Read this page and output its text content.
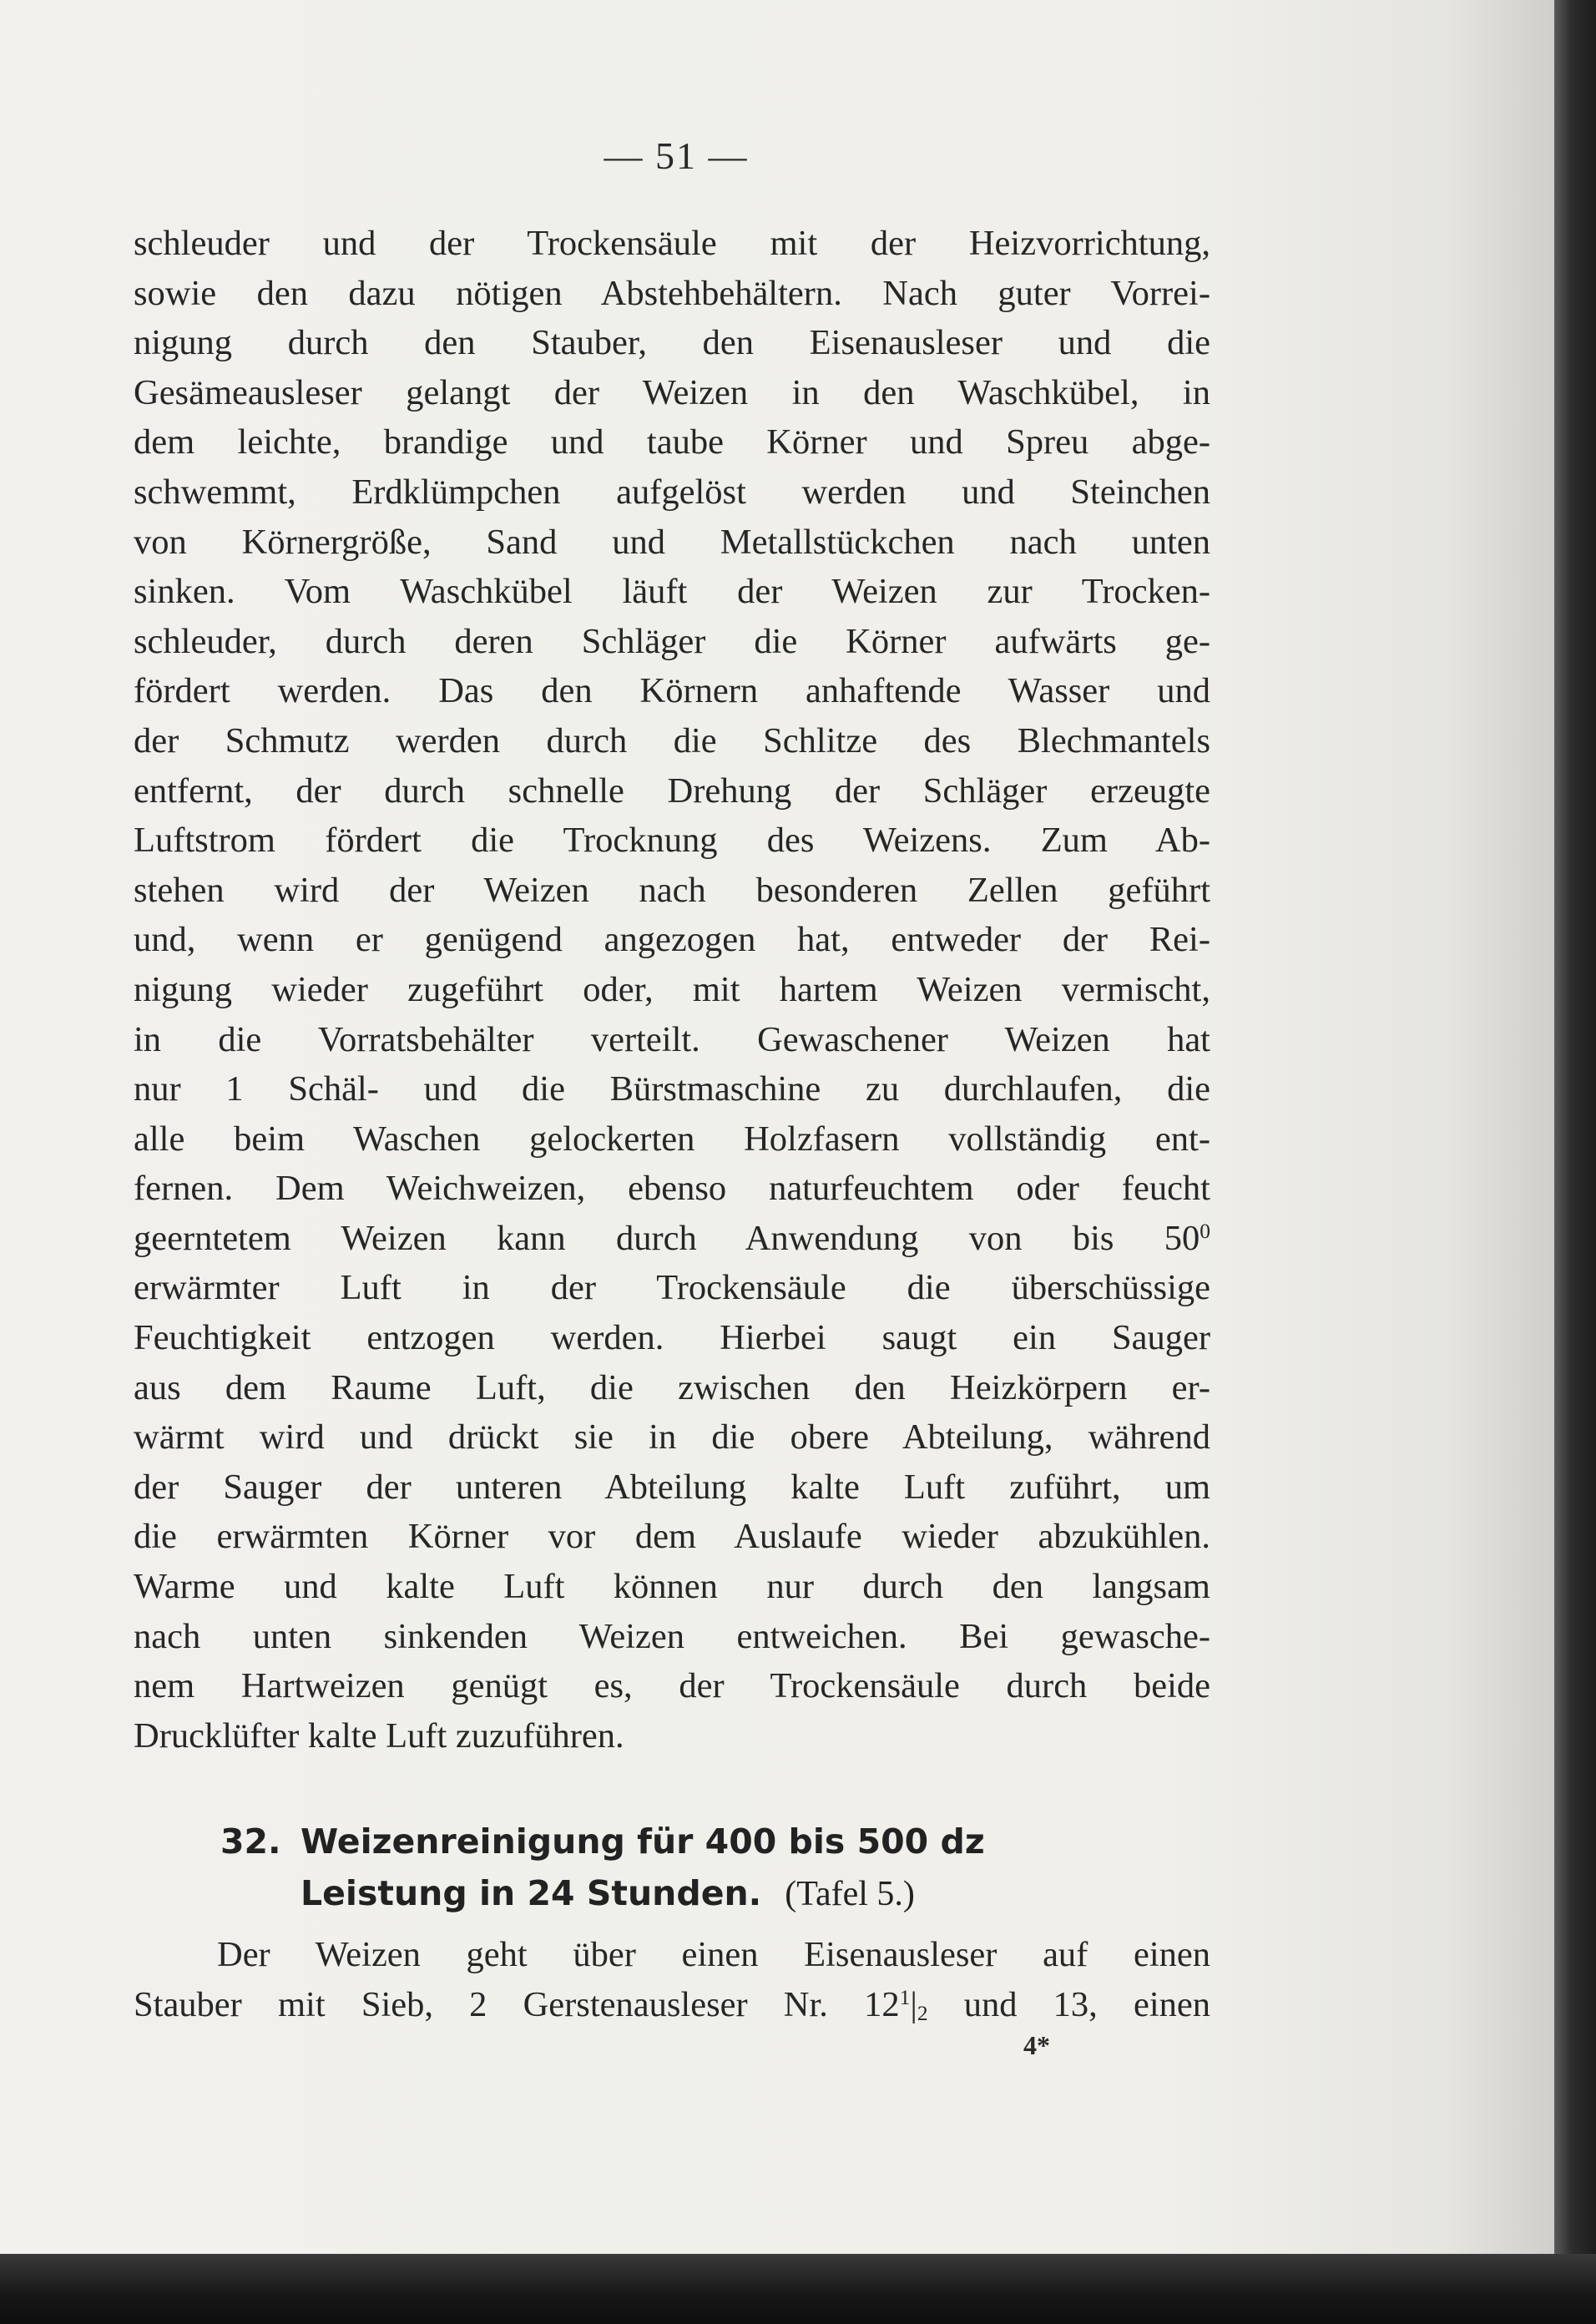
— 51 —

schleuder und der Trockensäule mit der Heizvorrichtung,

sowie den dazu nötigen Abstehbehältern. Nach guter Vorrei-

nigung durch den Stauber, den Eisenausleser und die

Gesämeausleser gelangt der Weizen in den Waschkübel, in

dem leichte, brandige und taube Körner und Spreu abge-

schwemmt, Erdklümpchen aufgelöst werden und Steinchen

von Körnergröße, Sand und Metallstückchen nach unten

sinken. Vom Waschkübel läuft der Weizen zur Trocken-

schleuder, durch deren Schläger die Körner aufwärts ge-

fördert werden. Das den Körnern anhaftende Wasser und

der Schmutz werden durch die Schlitze des Blechmantels

entfernt, der durch schnelle Drehung der Schläger erzeugte

Luftstrom fördert die Trocknung des Weizens. Zum Ab-

stehen wird der Weizen nach besonderen Zellen geführt

und, wenn er genügend angezogen hat, entweder der Rei-

nigung wieder zugeführt oder, mit hartem Weizen vermischt,

in die Vorratsbehälter verteilt. Gewaschener Weizen hat

nur 1 Schäl- und die Bürstmaschine zu durchlaufen, die

alle beim Waschen gelockerten Holzfasern vollständig ent-

fernen. Dem Weichweizen, ebenso naturfeuchtem oder feucht

geerntetem Weizen kann durch Anwendung von bis $50^0$

erwärmter Luft in der Trockensäule die überschüssige

Feuchtigkeit entzogen werden. Hierbei saugt ein Sauger

aus dem Raume Luft, die zwischen den Heizkörpern er-

wärmt wird und drückt sie in die obere Abteilung, während

der Sauger der unteren Abteilung kalte Luft zuführt, um

die erwärmten Körner vor dem Auslaufe wieder abzukühlen.

Warme und kalte Luft können nur durch den langsam

nach unten sinkenden Weizen entweichen. Bei gewasche-

nem Hartweizen genügt es, der Trockensäule durch beide

Drucklüfter kalte Luft zuzuführen.

32. Weizenreinigung für 400 bis 500 dz
Leistung in 24 Stunden. (Tafel 5.)

Der Weizen geht über einen Eisenausleser auf einen

Stauber mit Sieb, 2 Gerstenausleser Nr. $12^1|_2$ und 13, einen

4*
